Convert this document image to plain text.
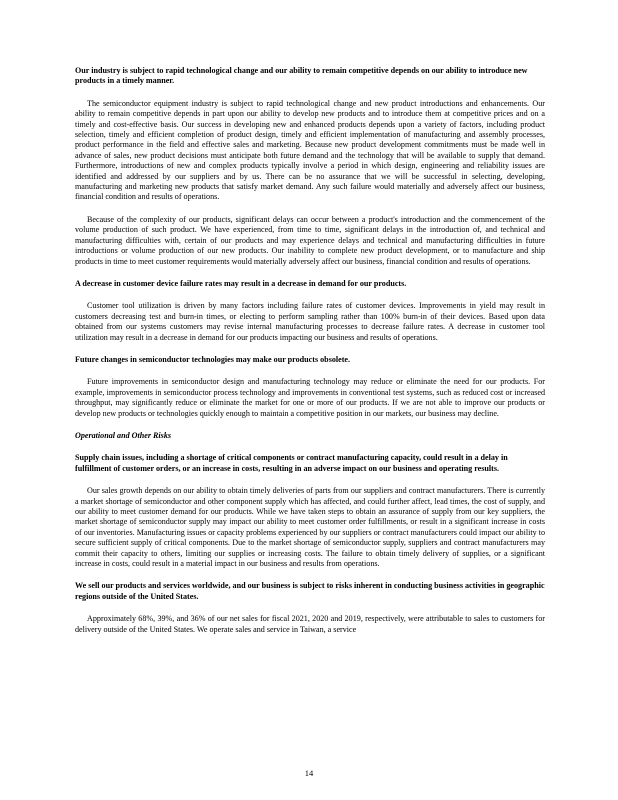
Our industry is subject to rapid technological change and our ability to remain competitive depends on our ability to introduce new products in a timely manner.

The semiconductor equipment industry is subject to rapid technological change and new product introductions and enhancements. Our ability to remain competitive depends in part upon our ability to develop new products and to introduce them at competitive prices and on a timely and cost-effective basis. Our success in developing new and enhanced products depends upon a variety of factors, including product selection, timely and efficient completion of product design, timely and efficient implementation of manufacturing and assembly processes, product performance in the field and effective sales and marketing. Because new product development commitments must be made well in advance of sales, new product decisions must anticipate both future demand and the technology that will be available to supply that demand. Furthermore, introductions of new and complex products typically involve a period in which design, engineering and reliability issues are identified and addressed by our suppliers and by us. There can be no assurance that we will be successful in selecting, developing, manufacturing and marketing new products that satisfy market demand. Any such failure would materially and adversely affect our business, financial condition and results of operations.

Because of the complexity of our products, significant delays can occur between a product's introduction and the commencement of the volume production of such product. We have experienced, from time to time, significant delays in the introduction of, and technical and manufacturing difficulties with, certain of our products and may experience delays and technical and manufacturing difficulties in future introductions or volume production of our new products. Our inability to complete new product development, or to manufacture and ship products in time to meet customer requirements would materially adversely affect our business, financial condition and results of operations.

A decrease in customer device failure rates may result in a decrease in demand for our products.

Customer tool utilization is driven by many factors including failure rates of customer devices. Improvements in yield may result in customers decreasing test and burn-in times, or electing to perform sampling rather than 100% burn-in of their devices. Based upon data obtained from our systems customers may revise internal manufacturing processes to decrease failure rates. A decrease in customer tool utilization may result in a decrease in demand for our products impacting our business and results of operations.

Future changes in semiconductor technologies may make our products obsolete.

Future improvements in semiconductor design and manufacturing technology may reduce or eliminate the need for our products. For example, improvements in semiconductor process technology and improvements in conventional test systems, such as reduced cost or increased throughput, may significantly reduce or eliminate the market for one or more of our products. If we are not able to improve our products or develop new products or technologies quickly enough to maintain a competitive position in our markets, our business may decline.

Operational and Other Risks

Supply chain issues, including a shortage of critical components or contract manufacturing capacity, could result in a delay in fulfillment of customer orders, or an increase in costs, resulting in an adverse impact on our business and operating results.

Our sales growth depends on our ability to obtain timely deliveries of parts from our suppliers and contract manufacturers. There is currently a market shortage of semiconductor and other component supply which has affected, and could further affect, lead times, the cost of supply, and our ability to meet customer demand for our products. While we have taken steps to obtain an assurance of supply from our key suppliers, the market shortage of semiconductor supply may impact our ability to meet customer order fulfillments, or result in a significant increase in costs of our inventories. Manufacturing issues or capacity problems experienced by our suppliers or contract manufacturers could impact our ability to secure sufficient supply of critical components. Due to the market shortage of semiconductor supply, suppliers and contract manufacturers may commit their capacity to others, limiting our supplies or increasing costs. The failure to obtain timely delivery of supplies, or a significant increase in costs, could result in a material impact in our business and results from operations.

We sell our products and services worldwide, and our business is subject to risks inherent in conducting business activities in geographic regions outside of the United States.

Approximately 68%, 39%, and 36% of our net sales for fiscal 2021, 2020 and 2019, respectively, were attributable to sales to customers for delivery outside of the United States. We operate sales and service in Taiwan, a service

14
